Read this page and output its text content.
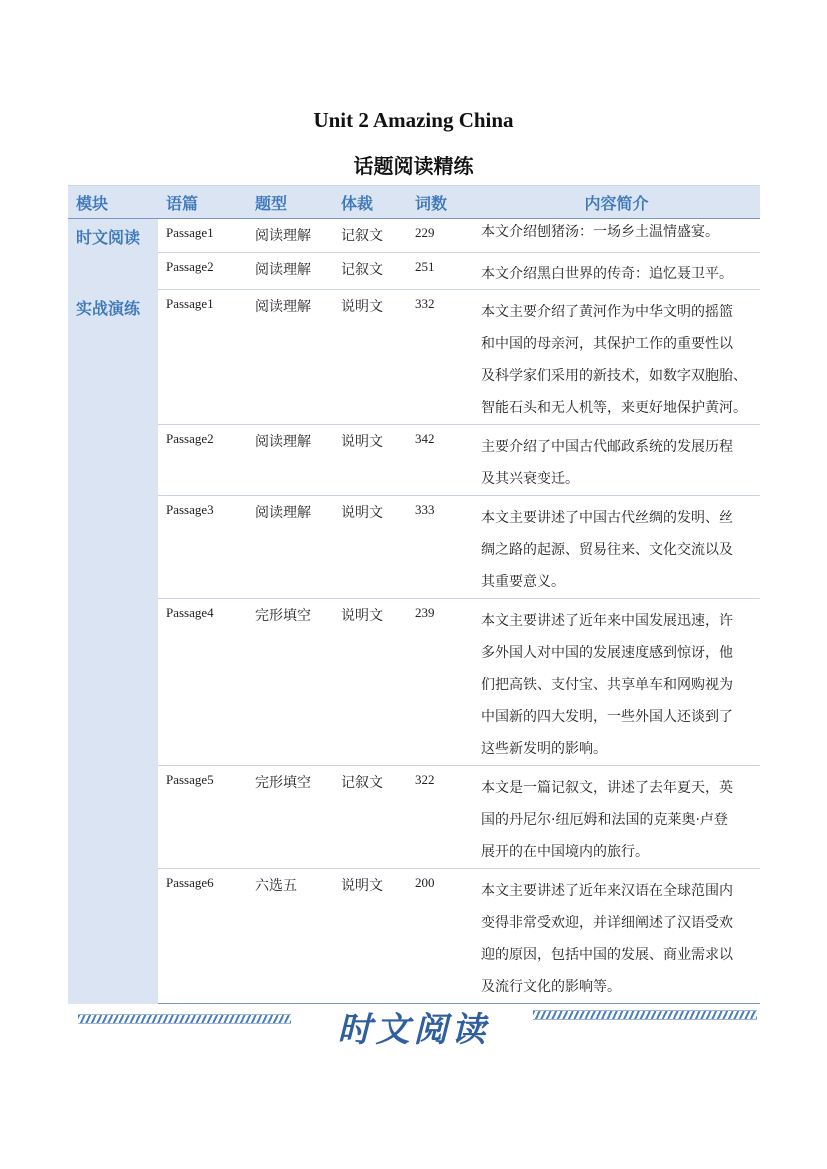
Unit 2 Amazing China
话题阅读精练
模块	语篇	题型	体裁	词数	内容简介
时文阅读	Passage1	阅读理解	记叙文	229	本文介绍刨猪汤：一场乡土温情盛宴。

	Passage2	阅读理解	记叙文	251	本文介绍黑白世界的传奇：追忆聂卫平。

实战演练	Passage1	阅读理解	说明文	332	本文主要介绍了黄河作为中华文明的摇篮
和中国的母亲河，其保护工作的重要性以
及科学家们采用的新技术，如数字双胞胎、
智能石头和无人机等，来更好地保护黄河。

	Passage2	阅读理解	说明文	342	主要介绍了中国古代邮政系统的发展历程
及其兴衰变迁。

	Passage3	阅读理解	说明文	333	本文主要讲述了中国古代丝绸的发明、丝
绸之路的起源、贸易往来、文化交流以及
其重要意义。

	Passage4	完形填空	说明文	239	本文主要讲述了近年来中国发展迅速，许
多外国人对中国的发展速度感到惊讶，他
们把高铁、支付宝、共享单车和网购视为
中国新的四大发明，一些外国人还谈到了
这些新发明的影响。

	Passage5	完形填空	记叙文	322	本文是一篇记叙文，讲述了去年夏天，英
国的丹尼尔·纽厄姆和法国的克莱奥·卢登
展开的在中国境内的旅行。

	Passage6	六选五	说明文	200	本文主要讲述了近年来汉语在全球范围内
变得非常受欢迎，并详细阐述了汉语受欢
迎的原因，包括中国的发展、商业需求以
及流行文化的影响等。
时文阅读
